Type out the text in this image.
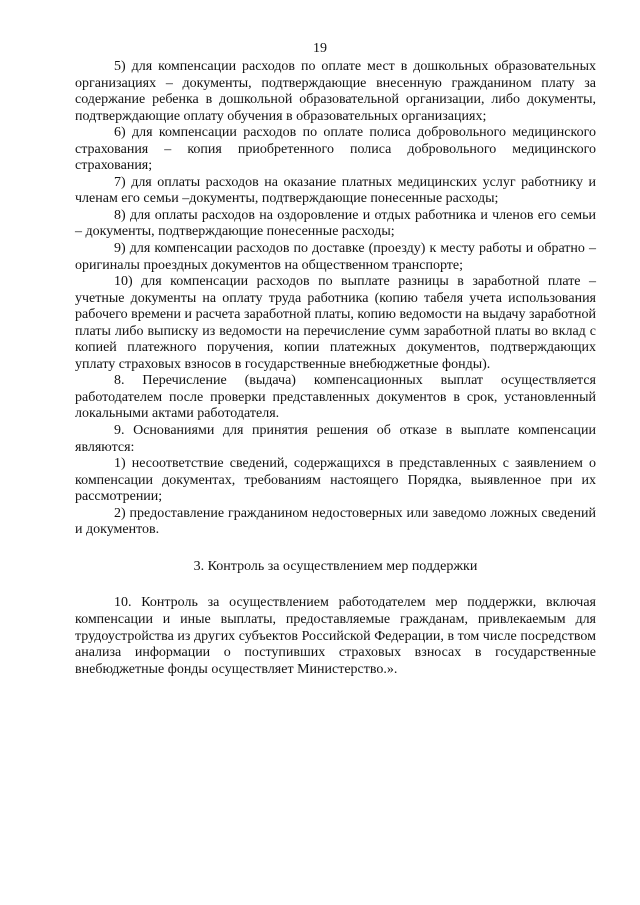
19

5) для компенсации расходов по оплате мест в дошкольных образовательных организациях – документы, подтверждающие внесенную гражданином плату за содержание ребенка в дошкольной образовательной организации, либо документы, подтверждающие оплату обучения в образовательных организациях;

6) для компенсации расходов по оплате полиса добровольного медицинского страхования – копия приобретенного полиса добровольного медицинского страхования;

7) для оплаты расходов на оказание платных медицинских услуг работнику и членам его семьи –документы, подтверждающие понесенные расходы;

8) для оплаты расходов на оздоровление и отдых работника и членов его семьи – документы, подтверждающие понесенные расходы;

9) для компенсации расходов по доставке (проезду) к месту работы и обратно – оригиналы проездных документов на общественном транспорте;

10) для компенсации расходов по выплате разницы в заработной плате – учетные документы на оплату труда работника (копию табеля учета использования рабочего времени и расчета заработной платы, копию ведомости на выдачу заработной платы либо выписку из ведомости на перечисление сумм заработной платы во вклад с копией платежного поручения, копии платежных документов, подтверждающих уплату страховых взносов в государственные внебюджетные фонды).

8. Перечисление (выдача) компенсационных выплат осуществляется работодателем после проверки представленных документов в срок, установленный локальными актами работодателя.

9. Основаниями для принятия решения об отказе в выплате компенсации являются:

1) несоответствие сведений, содержащихся в представленных с заявлением о компенсации документах, требованиям настоящего Порядка, выявленное при их рассмотрении;

2) предоставление гражданином недостоверных или заведомо ложных сведений и документов.

3. Контроль за осуществлением мер поддержки

10. Контроль за осуществлением работодателем мер поддержки, включая компенсации и иные выплаты, предоставляемые гражданам, привлекаемым для трудоустройства из других субъектов Российской Федерации, в том числе посредством анализа информации о поступивших страховых взносах в государственные внебюджетные фонды осуществляет Министерство.».
